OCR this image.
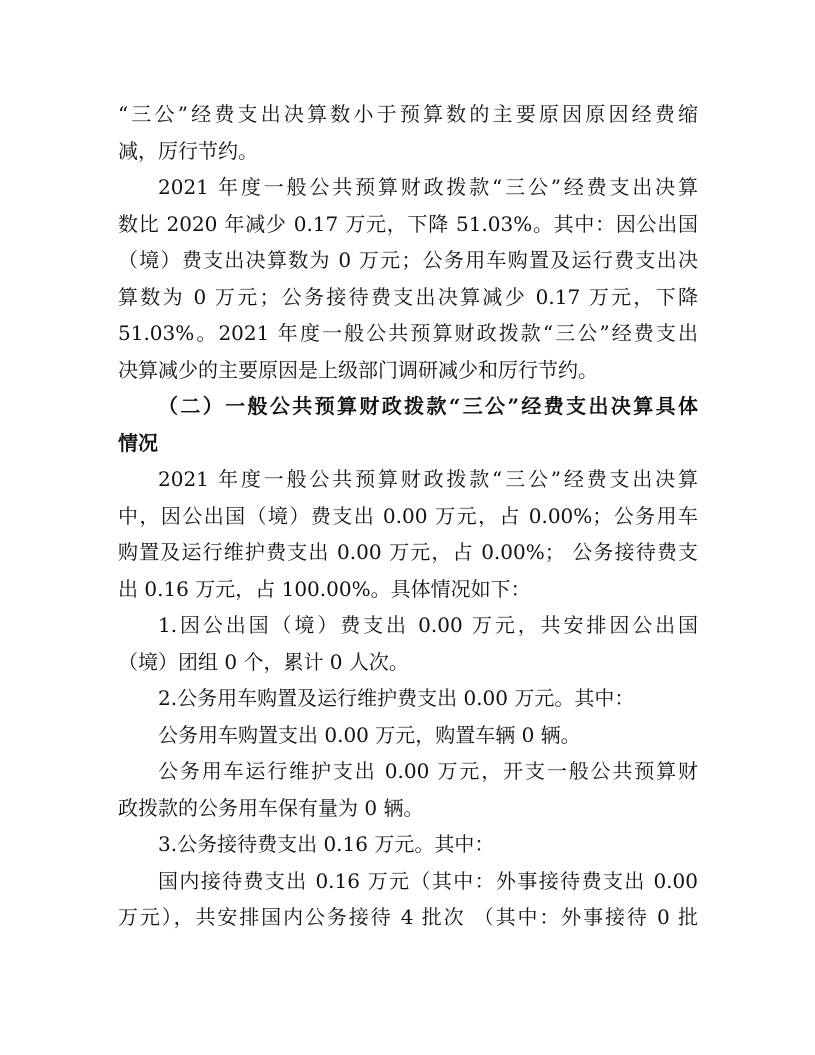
“三公”经费支出决算数小于预算数的主要原因原因经费缩
减，厉行节约。
2021 年度一般公共预算财政拨款“三公”经费支出决算
数比 2020 年减少 0.17 万元，下降 51.03%。其中：因公出国
（境）费支出决算数为 0 万元；公务用车购置及运行费支出决
算数为 0 万元；公务接待费支出决算减少 0.17 万元，下降
51.03%。2021 年度一般公共预算财政拨款“三公”经费支出
决算减少的主要原因是上级部门调研减少和厉行节约。
（二）一般公共预算财政拨款“三公”经费支出决算具体
情况
2021 年度一般公共预算财政拨款“三公”经费支出决算
中，因公出国（境）费支出 0.00 万元，占 0.00%；公务用车
购置及运行维护费支出 0.00 万元，占 0.00%； 公务接待费支
出 0.16 万元，占 100.00%。具体情况如下：
1.因公出国（境）费支出 0.00 万元，共安排因公出国
（境）团组 0 个，累计 0 人次。
2.公务用车购置及运行维护费支出 0.00 万元。其中：
公务用车购置支出 0.00 万元，购置车辆 0 辆。
公务用车运行维护支出 0.00 万元，开支一般公共预算财
政拨款的公务用车保有量为 0 辆。
3.公务接待费支出 0.16 万元。其中：
国内接待费支出 0.16 万元（其中：外事接待费支出 0.00
万元），共安排国内公务接待 4 批次 （其中：外事接待 0 批
